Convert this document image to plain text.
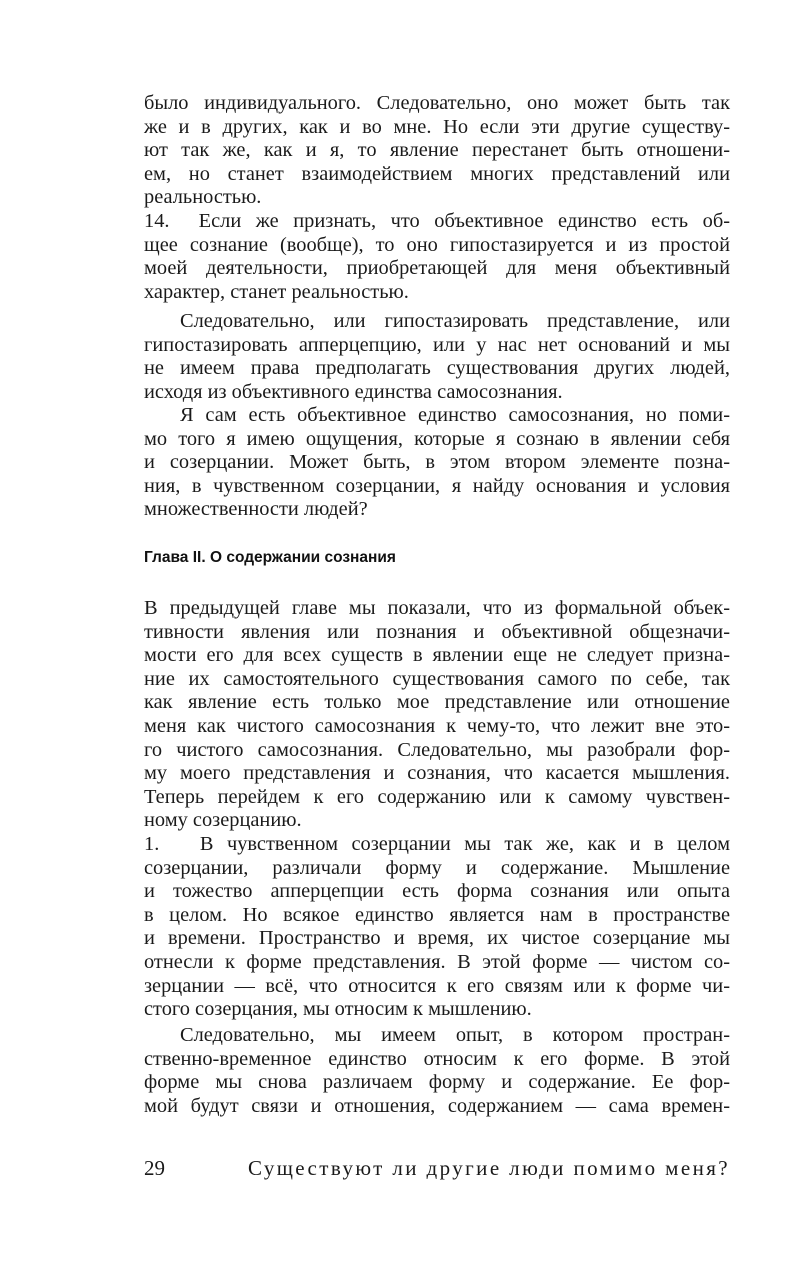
было индивидуального. Следовательно, оно может быть так
же и в других, как и во мне. Но если эти другие существу-
ют так же, как и я, то явление перестанет быть отношени-
ем, но станет взаимодействием многих представлений или
реальностью.
14.  Если же признать, что объективное единство есть об-
щее сознание (вообще), то оно гипостазируется и из простой
моей деятельности, приобретающей для меня объективный
характер, станет реальностью.
Следовательно, или гипостазировать представление, или
гипостазировать апперцепцию, или у нас нет оснований и мы
не имеем права предполагать существования других людей,
исходя из объективного единства самосознания.
Я сам есть объективное единство самосознания, но поми-
мо того я имею ощущения, которые я сознаю в явлении себя
и созерцании. Может быть, в этом втором элементе позна-
ния, в чувственном созерцании, я найду основания и условия
множественности людей?
Глава II. О содержании сознания
В предыдущей главе мы показали, что из формальной объек-
тивности явления или познания и объективной общезначи-
мости его для всех существ в явлении еще не следует призна-
ние их самостоятельного существования самого по себе, так
как явление есть только мое представление или отношение
меня как чистого самосознания к чему-то, что лежит вне это-
го чистого самосознания. Следовательно, мы разобрали фор-
му моего представления и сознания, что касается мышления.
Теперь перейдем к его содержанию или к самому чувствен-
ному созерцанию.
1.   В чувственном созерцании мы так же, как и в целом
созерцании, различали форму и содержание. Мышление
и тожество апперцепции есть форма сознания или опыта
в целом. Но всякое единство является нам в пространстве
и времени. Пространство и время, их чистое созерцание мы
отнесли к форме представления. В этой форме — чистом со-
зерцании — всё, что относится к его связям или к форме чи-
стого созерцания, мы относим к мышлению.
Следовательно, мы имеем опыт, в котором простран-
ственно-временное единство относим к его форме. В этой
форме мы снова различаем форму и содержание. Ее фор-
мой будут связи и отношения, содержанием — сама времен-
29	Существуют ли другие люди помимо меня?
